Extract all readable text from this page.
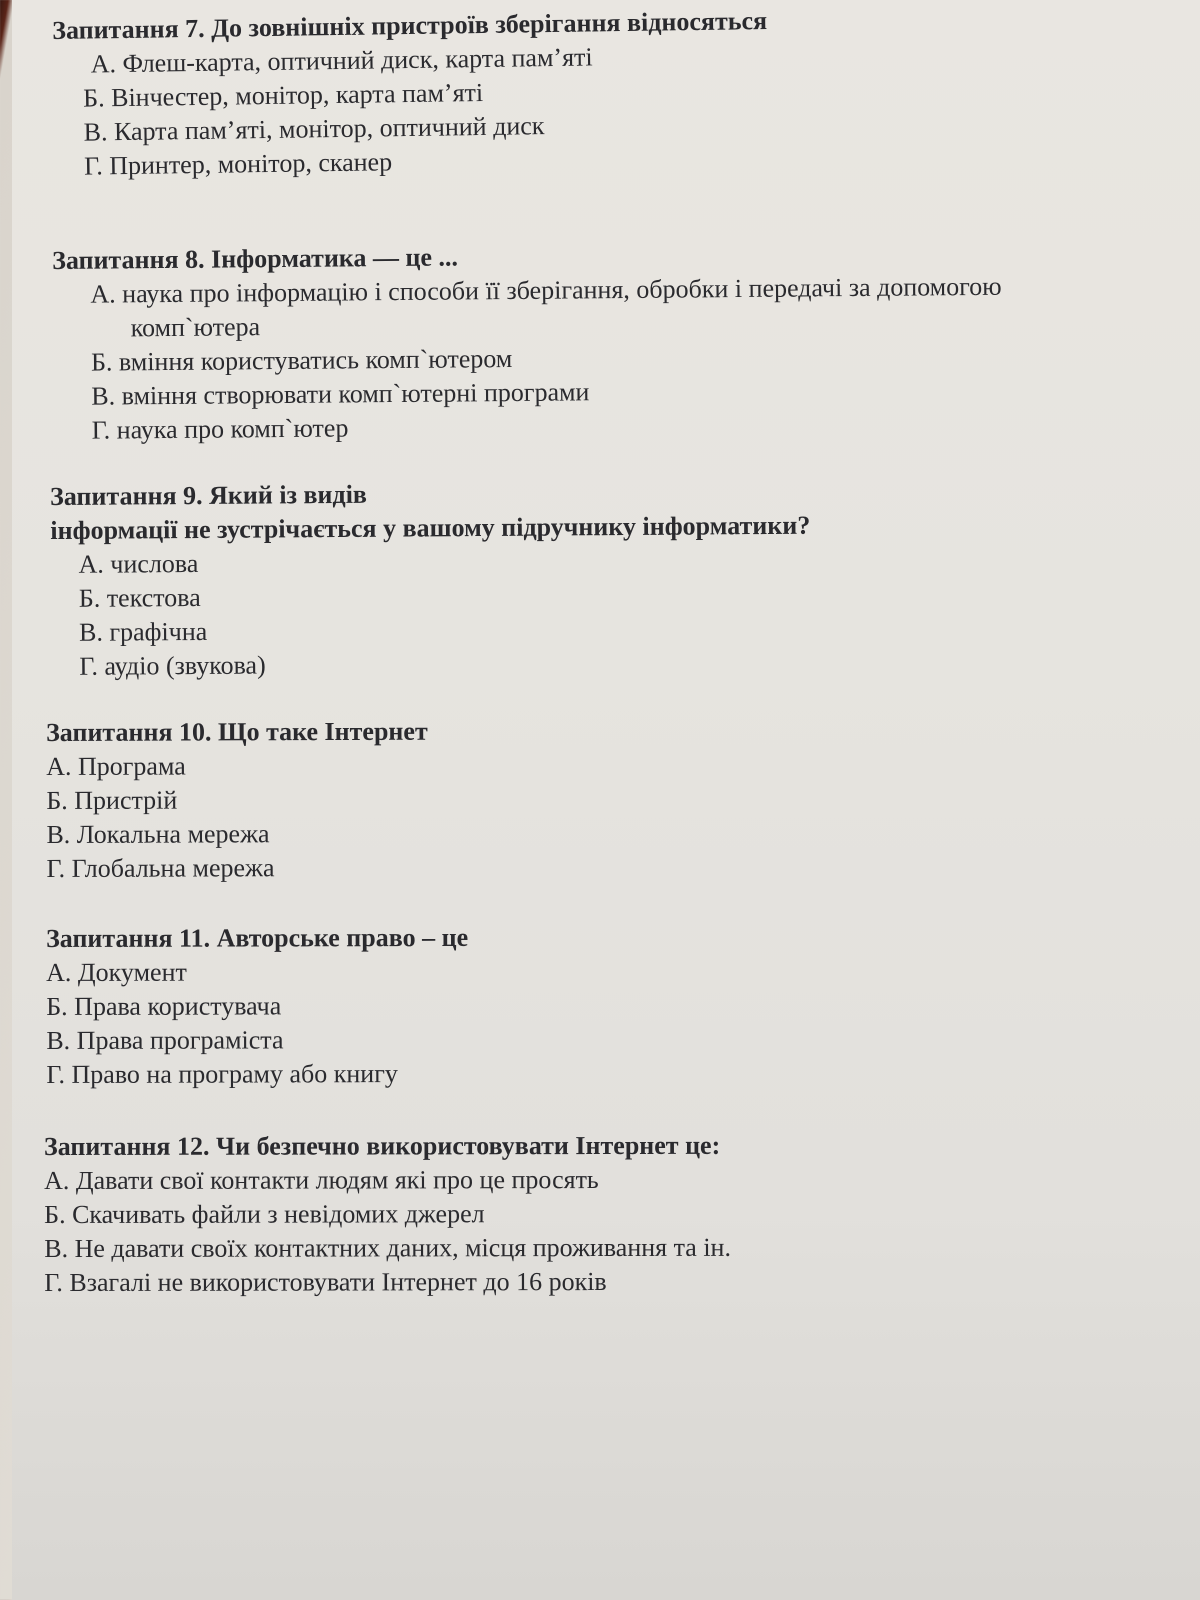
Запитання 7. До зовнішніх пристроїв зберігання відносяться
А. Флеш-карта, оптичний диск, карта пам’яті
Б. Вінчестер, монітор, карта пам’яті
В. Карта пам’яті, монітор, оптичний диск
Г. Принтер, монітор, сканер
Запитання 8. Інформатика — це ...
А. наука про інформацію і способи її зберігання, обробки і передачі за допомогою
комп`ютера
Б. вміння користуватись комп`ютером
В. вміння створювати комп`ютерні програми
Г. наука про комп`ютер
Запитання 9. Який із видів
інформації не зустрічається у вашому підручнику інформатики?
А. числова
Б. текстова
В. графічна
Г. аудіо (звукова)
Запитання 10. Що таке Інтернет
А. Програма
Б. Пристрій
В. Локальна мережа
Г. Глобальна мережа
Запитання 11. Авторське право – це
А. Документ
Б. Права користувача
В. Права програміста
Г. Право на програму або книгу
Запитання 12. Чи безпечно використовувати Інтернет це:
А. Давати свої контакти людям які про це просять
Б. Скачивать файли з невідомих джерел
В. Не давати своїх контактних даних, місця проживання та ін.
Г. Взагалі не використовувати Інтернет до 16 років
